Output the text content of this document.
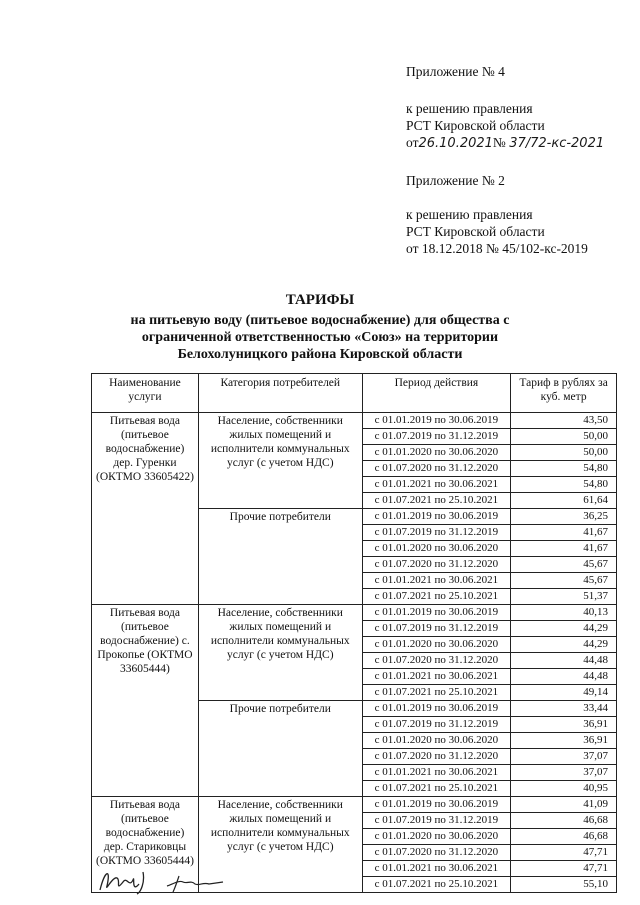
Приложение № 4
к решению правления
РСТ Кировской области
от26.10.2021№ 37/72-кс-2021
Приложение № 2
к решению правления
РСТ Кировской области
от 18.12.2018 № 45/102-кс-2019
ТАРИФЫ
на питьевую воду (питьевое водоснабжение) для общества с
ограниченной ответственностью «Союз» на территории
Белохолуницкого района Кировской области
Наименование услуги	Категория потребителей	Период действия	Тариф в рублях за куб. метр
Питьевая вода (питьевое водоснабжение) дер. Гуренки (ОКТМО 33605422)	Население, собственники жилых помещений и исполнители коммунальных услуг (с учетом НДС)	с 01.01.2019 по 30.06.2019	43,50
		с 01.07.2019 по 31.12.2019	50,00
		с 01.01.2020 по 30.06.2020	50,00
		с 01.07.2020 по 31.12.2020	54,80
		с 01.01.2021 по 30.06.2021	54,80
		с 01.07.2021 по 25.10.2021	61,64
	Прочие потребители	с 01.01.2019 по 30.06.2019	36,25
		с 01.07.2019 по 31.12.2019	41,67
		с 01.01.2020 по 30.06.2020	41,67
		с 01.07.2020 по 31.12.2020	45,67
		с 01.01.2021 по 30.06.2021	45,67
		с 01.07.2021 по 25.10.2021	51,37
Питьевая вода (питьевое водоснабжение) с. Прокопье (ОКТМО 33605444)	Население, собственники жилых помещений и исполнители коммунальных услуг (с учетом НДС)	с 01.01.2019 по 30.06.2019	40,13
		с 01.07.2019 по 31.12.2019	44,29
		с 01.01.2020 по 30.06.2020	44,29
		с 01.07.2020 по 31.12.2020	44,48
		с 01.01.2021 по 30.06.2021	44,48
		с 01.07.2021 по 25.10.2021	49,14
	Прочие потребители	с 01.01.2019 по 30.06.2019	33,44
		с 01.07.2019 по 31.12.2019	36,91
		с 01.01.2020 по 30.06.2020	36,91
		с 01.07.2020 по 31.12.2020	37,07
		с 01.01.2021 по 30.06.2021	37,07
		с 01.07.2021 по 25.10.2021	40,95
Питьевая вода (питьевое водоснабжение) дер. Стариковцы (ОКТМО 33605444)	Население, собственники жилых помещений и исполнители коммунальных услуг (с учетом НДС)	с 01.01.2019 по 30.06.2019	41,09
		с 01.07.2019 по 31.12.2019	46,68
		с 01.01.2020 по 30.06.2020	46,68
		с 01.07.2020 по 31.12.2020	47,71
		с 01.01.2021 по 30.06.2021	47,71
		с 01.07.2021 по 25.10.2021	55,10
